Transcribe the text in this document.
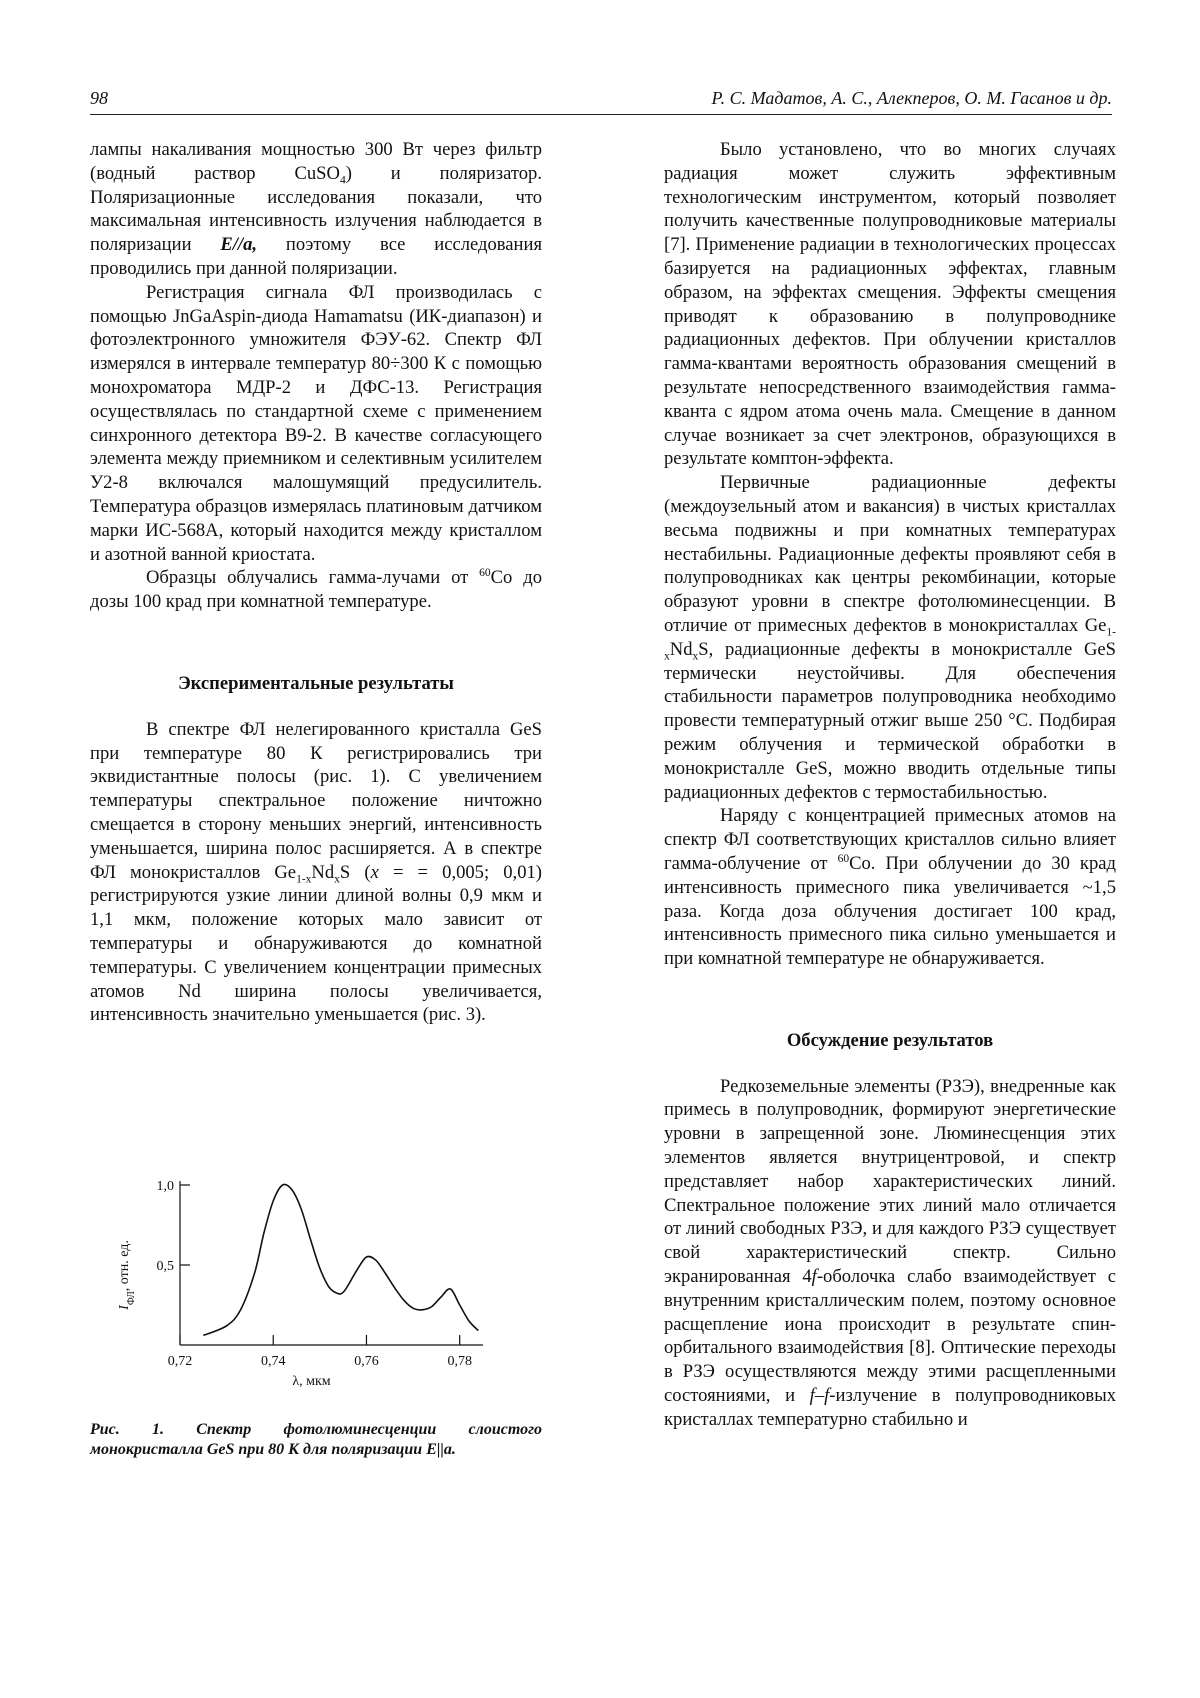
98	Р. С. Мадатов, А. С., Алекперов, О. М. Гасанов и др.

лампы накаливания мощностью 300 Вт через фильтр (водный раствор CuSO$_4$) и поляризатор. Поляризационные исследования показали, что максимальная интенсивность излучения наблюдается в поляризации E//a, поэтому все исследования проводились при данной поляризации.

Регистрация сигнала ФЛ производилась с помощью JnGaAspin-диода Hamamatsu (ИК-диапазон) и фотоэлектронного умножителя ФЭУ-62. Спектр ФЛ измерялся в интервале температур 80÷300 К с помощью монохроматора МДР-2 и ДФС-13. Регистрация осуществлялась по стандартной схеме с применением синхронного детектора В9-2. В качестве согласующего элемента между приемником и селективным усилителем У2-8 включался малошумящий предусилитель. Температура образцов измерялась платиновым датчиком марки ИС-568А, который находится между кристаллом и азотной ванной криостата.

Образцы облучались гамма-лучами от $^{60}$Co до дозы 100 крад при комнатной температуре.

Экспериментальные результаты

В спектре ФЛ нелегированного кристалла GeS при температуре 80 К регистрировались три эквидистантные полосы (рис. 1). С увеличением температуры спектральное положение ничтожно смещается в сторону меньших энергий, интенсивность уменьшается, ширина полос расширяется. А в спектре ФЛ монокристаллов $Ge_{1-x}Nd_xS$ (x = = 0,005; 0,01) регистрируются узкие линии длиной волны 0,9 мкм и 1,1 мкм, положение которых мало зависит от температуры и обнаруживаются до комнатной температуры. С увеличением концентрации примесных атомов Nd ширина полосы увеличивается, интенсивность значительно уменьшается (рис. 3).

Было установлено, что во многих случаях радиация может служить эффективным технологическим инструментом, который позволяет получить качественные полупроводниковые материалы [7]. Применение радиации в технологических процессах базируется на радиационных эффектах, главным образом, на эффектах смещения. Эффекты смещения приводят к образованию в полупроводнике радиационных дефектов. При облучении кристаллов гамма-квантами вероятность образования смещений в результате непосредственного взаимодействия гамма-кванта с ядром атома очень мала. Смещение в данном случае возникает за счет электронов, образующихся в результате комптон-эффекта.

Первичные радиационные дефекты (междоузельный атом и вакансия) в чистых кристаллах весьма подвижны и при комнатных температурах нестабильны. Радиационные дефекты проявляют себя в полупроводниках как центры рекомбинации, которые образуют уровни в спектре фотолюминесценции. В отличие от примесных дефектов в монокристаллах $Ge_{1-x}Nd_xS$, радиационные дефекты в монокристалле GeS термически неустойчивы. Для обеспечения стабильности параметров полупроводника необходимо провести температурный отжиг выше 250 °С. Подбирая режим облучения и термической обработки в монокристалле GeS, можно вводить отдельные типы радиационных дефектов с термостабильностью.

Наряду с концентрацией примесных атомов на спектр ФЛ соответствующих кристаллов сильно влияет гамма-облучение от $^{60}$Co. При облучении до 30 крад интенсивность примесного пика увеличивается ~1,5 раза. Когда доза облучения достигает 100 крад, интенсивность примесного пика сильно уменьшается и при комнатной температуре не обнаруживается.

Обсуждение результатов

Редкоземельные элементы (РЗЭ), внедренные как примесь в полупроводник, формируют энергетические уровни в запрещенной зоне. Люминесценция этих элементов является внутрицентровой, и спектр представляет набор характеристических линий. Спектральное положение этих линий мало отличается от линий свободных РЗЭ, и для каждого РЗЭ существует свой характеристический спектр. Сильно экранированная 4f-оболочка слабо взаимодействует с внутренним кристаллическим полем, поэтому основное расщепление иона происходит в результате спин-орбитального взаимодействия [8]. Оптические переходы в РЗЭ осуществляются между этими расщепленными состояниями, и f–f-излучение в полупроводниковых кристаллах температурно стабильно и

0,72	0,74	0,76	0,78
0,5
1,0
λ, мкм
$I_{ФЛ}$, отн. ед.
Рис. 1. Спектр фотолюминесценции слоистого монокристалла GeS при 80 К для поляризации E||a.
